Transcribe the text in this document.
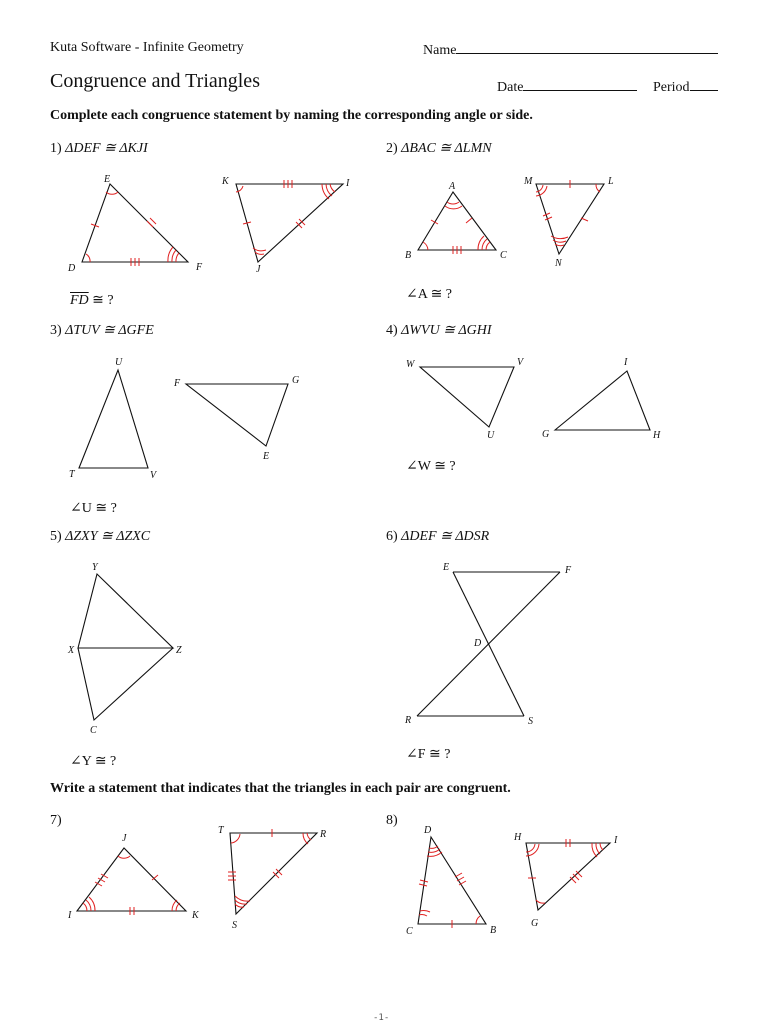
Kuta Software - Infinite Geometry	Name
Congruence and Triangles	Date	Period
Complete each congruence statement by naming the corresponding angle or side.
1) ΔDEF ≅ ΔKJI
D
E
F
K	I
J
$\overline{FD}$ ≅ ?
2) ΔBAC ≅ ΔLMN
A
B	C
M	L
N
∠A ≅ ?
3) ΔTUV ≅ ΔGFE
U
T	V
F	G
E
∠U ≅ ?
4) ΔWVU ≅ ΔGHI
W	V
U
I
G	H
∠W ≅ ?
5) ΔZXY ≅ ΔZXC
Y
X	Z
C
∠Y ≅ ?
6) ΔDEF ≅ ΔDSR
E	F
D
R	S
∠F ≅ ?
Write a statement that indicates that the triangles in each pair are congruent.
7)
J
I	K
T	R
S
8)
D
C	B
H	I
G
-1-
